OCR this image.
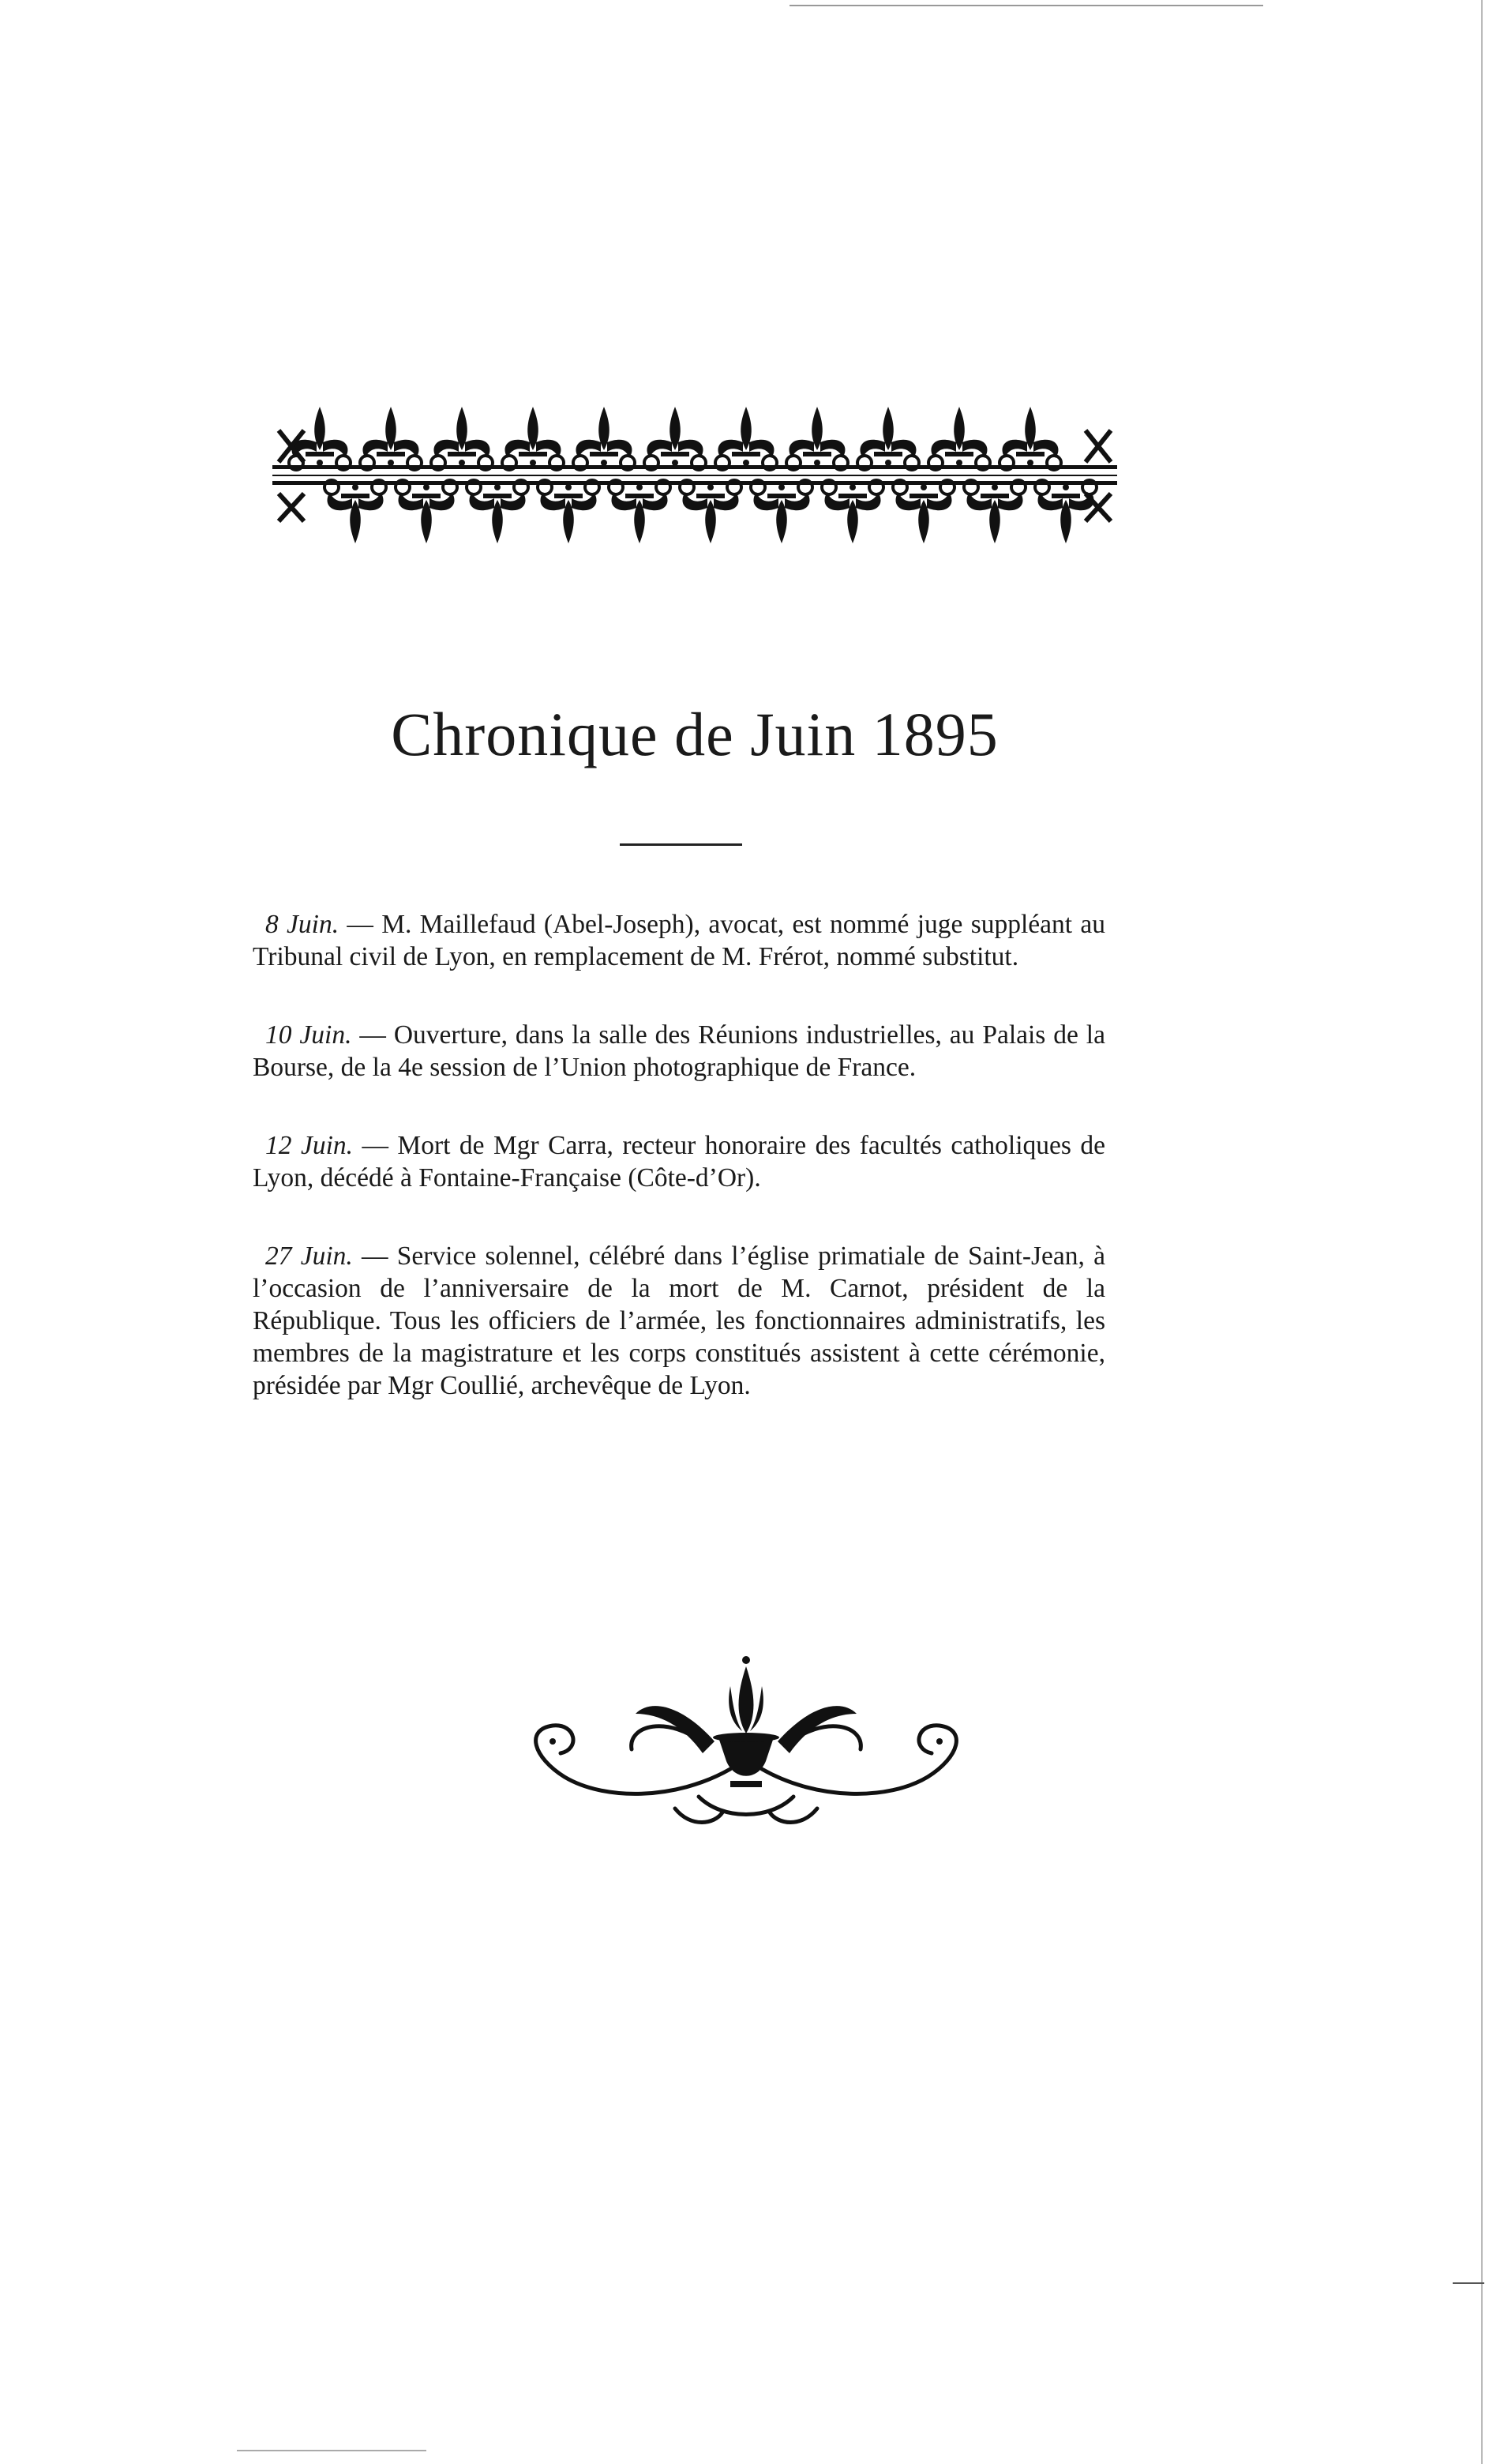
Chronique de Juin 1895

8 Juin. — M. Maillefaud (Abel-Joseph), avocat, est nommé juge suppléant au Tribunal civil de Lyon, en remplacement de M. Frérot, nommé substitut.

10 Juin. — Ouverture, dans la salle des Réunions industrielles, au Palais de la Bourse, de la 4e session de l’Union photographique de France.

12 Juin. — Mort de Mgr Carra, recteur honoraire des facultés catholiques de Lyon, décédé à Fontaine-Française (Côte-d’Or).

27 Juin. — Service solennel, célébré dans l’église primatiale de Saint-Jean, à l’occasion de l’anniversaire de la mort de M. Carnot, président de la République. Tous les officiers de l’armée, les fonctionnaires administratifs, les membres de la magistrature et les corps constitués assistent à cette cérémonie, présidée par Mgr Coullié, archevêque de Lyon.
